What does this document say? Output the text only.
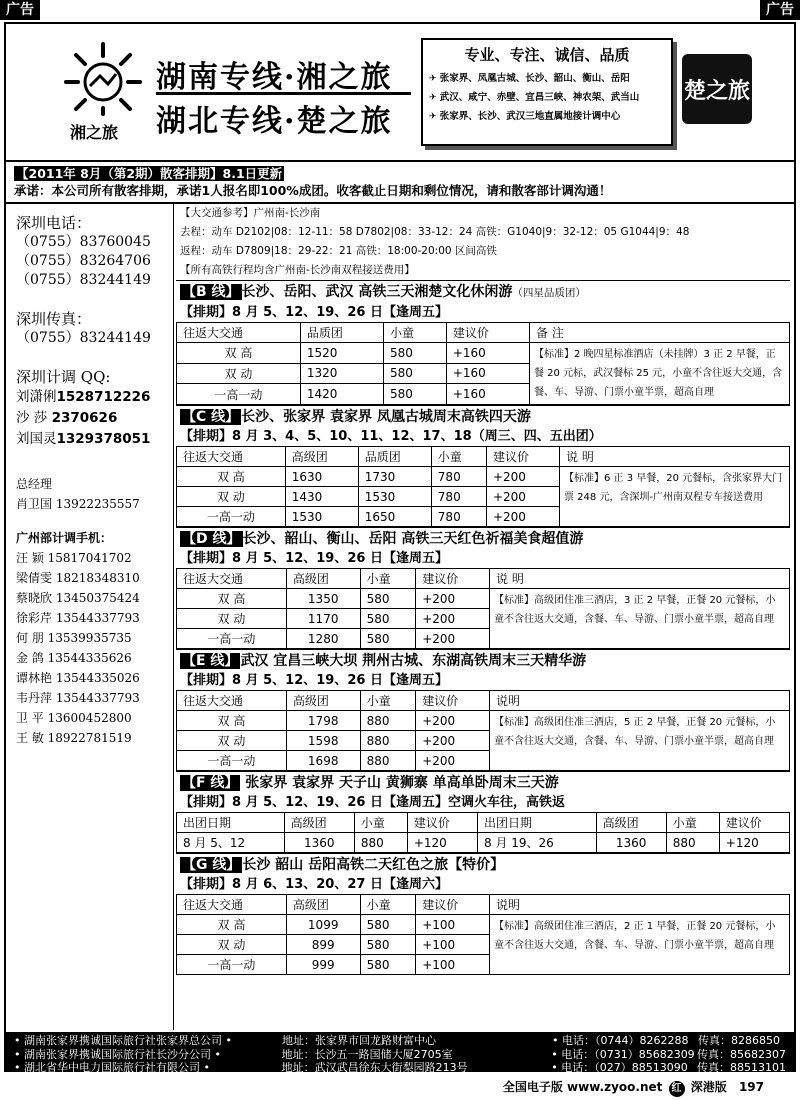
广告	广告
湘之旅
湖南专线·湘之旅
湖北专线·楚之旅
专业、专注、诚信、品质
✈ 张家界、凤凰古城、长沙、韶山、衡山、岳阳
✈ 武汉、咸宁、赤壁、宜昌三峡、神农架、武当山
✈ 张家界、长沙、武汉三地直属地接计调中心
楚之旅
【2011年 8月（第2期）散客排期】8.1日更新
承诺：本公司所有散客排期，承诺1人报名即100%成团。收客截止日期和剩位情况，请和散客部计调沟通！
深圳电话：
（0755）83760045
（0755）83264706
（0755）83244149
深圳传真：
（0755）83244149
深圳计调 QQ:
刘潇俐1528712226
沙 莎 2370626
刘国灵1329378051
总经理
肖卫国 13922235557
广州部计调手机：
汪 颖 15817041702
梁倩雯 18218348310
蔡晓欣 13450375424
徐彩芹 13544337793
何 朋 13539935735
金 鸽 13544335626
谭林艳 13544335026
韦丹萍 13544337793
卫 平 13600452800
王 敏 18922781519
【大交通参考】广州南-长沙南
去程：动车 D2102|08：12-11：58 D7802|08：33-12：24 高铁：G1040|9：32-12：05 G1044|9：48
返程：动车 D7809|18：29-22：21 高铁：18:00-20:00 区间高铁
【所有高铁行程均含广州南-长沙南双程接送费用】
【B 线】 长沙、岳阳、武汉 高铁三天湘楚文化休闲游（四星品质团）
【排期】8 月 5、12、19、26 日【逢周五】
往返大交通	品质团	小童	建议价	备 注
双 高	1520	580	+160	【标准】2 晚四星标准酒店（未挂牌）3 正 2 早餐，正餐 20 元标，武汉餐标 25 元，小童不含往返大交通，含餐、车、导游、门票小童半票，超高自理
双 动	1320	580	+160	
一高一动	1420	580	+160	
【C 线】 长沙、张家界 袁家界 凤凰古城周末高铁四天游
【排期】8 月 3、4、5、10、11、12、17、18（周三、四、五出团）
往返大交通	高级团	品质团	小童	建议价	说 明
双 高	1630	1730	780	+200	【标准】6 正 3 早餐，20 元餐标，含张家界大门票 248 元，含深圳-广州南双程专车接送费用
双 动	1430	1530	780	+200	
一高一动	1530	1650	780	+200	
【D 线】 长沙、韶山、衡山、岳阳 高铁三天红色祈福美食超值游
【排期】8 月 5、12、19、26 日【逢周五】
往返大交通	高级团	小童	建议价	说 明
双 高	1350	580	+200	【标准】高级团住准三酒店，3 正 2 早餐，正餐 20 元餐标，小童不含往返大交通，含餐、车、导游、门票小童半票，超高自理
双 动	1170	580	+200	
一高一动	1280	580	+200	
【E 线】 武汉 宜昌三峡大坝 荆州古城、东湖高铁周末三天精华游
【排期】8 月 5、12、19、26 日【逢周五】
往返大交通	高级团	小童	建议价	说明
双 高	1798	880	+200	【标准】高级团住准三酒店，5 正 2 早餐，正餐 20 元餐标，小童不含往返大交通，含餐、车、导游、门票小童半票，超高自理
双 动	1598	880	+200	
一高一动	1698	880	+200	
【F 线】 张家界 袁家界 天子山 黄狮寨 单高单卧周末三天游
【排期】8 月 5、12、19、26 日【逢周五】空调火车往，高铁返
出团日期	高级团	小童	建议价	出团日期	高级团	小童	建议价
8 月 5、12	1360	880	+120	8 月 19、26	1360	880	+120
【G 线】 长沙 韶山 岳阳高铁二天红色之旅【特价】
【排期】8 月 6、13、20、27 日【逢周六】
往返大交通	高级团	小童	建议价	说明
双 高	1099	580	+100	【标准】高级团住准三酒店，2 正 1 早餐，正餐 20 元餐标，小童不含往返大交通，含餐、车、导游、门票小童半票，超高自理
双 动	899	580	+100	
一高一动	999	580	+100	
• 湖南张家界携诚国际旅行社张家界总公司 •	地址：张家界市回龙路财富中心	• 电话：（0744）8262288 传真：8286850
• 湖南张家界携诚国际旅行社长沙分公司 •	地址：长沙五一路国储大厦2705室	• 电话：（0731）85682309 传真：85682307
• 湖北省华中电力国际旅行社有限公司 •	地址：武汉武昌徐东大街梨园路213号	• 电话：（027）88513090 传真：88513101
全国电子版 www.zyoo.net 红 深港版 197
